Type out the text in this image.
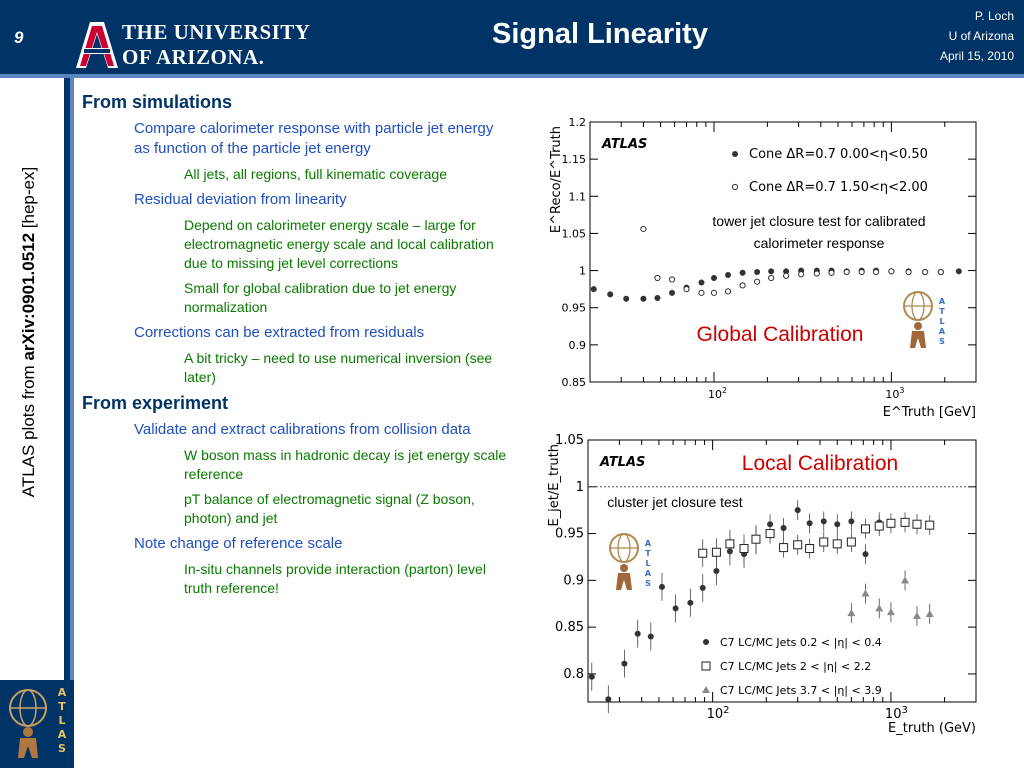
9	THE UNIVERSITY
OF ARIZONA.
Signal Linearity
P. Loch
U of Arizona
April 15, 2010
ATLAS plots from arXiv:0901.0512 [hep-ex]
A
T
L
A
S
From simulations
Compare calorimeter response with particle jet energy as function of the particle jet energy
All jets, all regions, full kinematic coverage
Residual deviation from linearity
Depend on calorimeter energy scale – large for electromagnetic energy scale and local calibration due to missing jet level corrections
Small for global calibration due to jet energy normalization
Corrections can be extracted from residuals
A bit tricky – need to use numerical inversion (see later)
From experiment
Validate and extract calibrations from collision data
W boson mass in hadronic decay is jet energy scale reference
pT balance of electromagnetic signal (Z boson, photon) and jet
Note change of reference scale
In-situ channels provide interaction (parton) level truth reference!
0.85
0.9
0.95
1
1.05
1.1
1.15
1.2
$10^2$	$10^3$
ATLAS
Cone ΔR=0.7 0.00<η<0.50
Cone ΔR=0.7 1.50<η<2.00
E^Truth [GeV]
E^Reco/E^Truth
A
T
L
A
S
0.8
0.85
0.9
0.95
1
1.05
$10^2$	$10^3$
ATLAS
C7 LC/MC Jets 0.2 < |η| < 0.4
C7 LC/MC Jets 2 < |η| < 2.2
C7 LC/MC Jets 3.7 < |η| < 3.9
E_truth (GeV)
E_jet/E_truth
A
T
L
A
S
tower jet closure test for calibrated calorimeter response
Global Calibration
Local Calibration
cluster jet closure test
